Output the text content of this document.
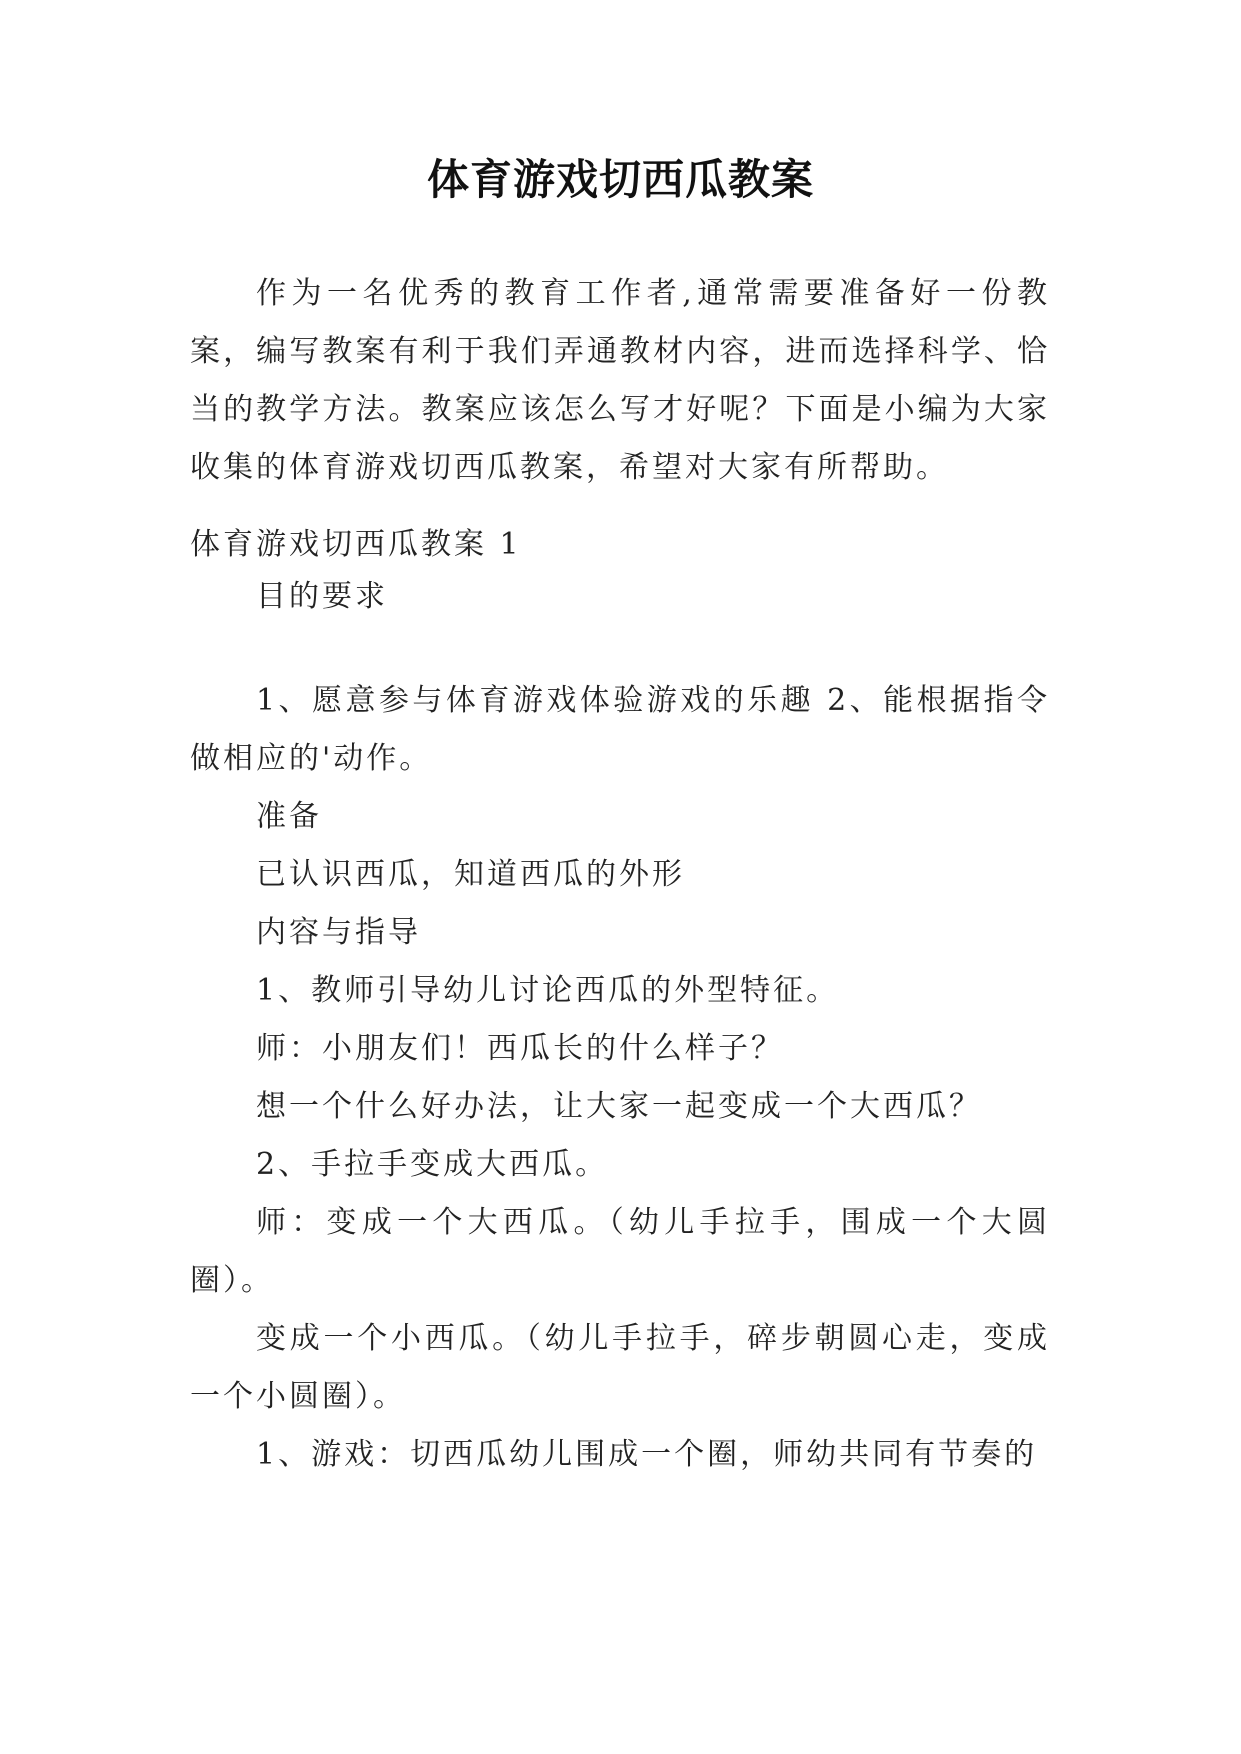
体育游戏切西瓜教案

作为一名优秀的教育工作者,通常需要准备好一份教案，编写教案有利于我们弄通教材内容，进而选择科学、恰当的教学方法。教案应该怎么写才好呢？下面是小编为大家收集的体育游戏切西瓜教案，希望对大家有所帮助。

体育游戏切西瓜教案 1

目的要求

1、愿意参与体育游戏体验游戏的乐趣 2、能根据指令做相应的'动作。

准备

已认识西瓜，知道西瓜的外形

内容与指导

1、教师引导幼儿讨论西瓜的外型特征。

师：小朋友们！西瓜长的什么样子？

想一个什么好办法，让大家一起变成一个大西瓜？

2、手拉手变成大西瓜。

师：变成一个大西瓜。（幼儿手拉手，围成一个大圆圈）。

变成一个小西瓜。（幼儿手拉手，碎步朝圆心走，变成一个小圆圈）。

1、游戏：切西瓜幼儿围成一个圈，师幼共同有节奏的
